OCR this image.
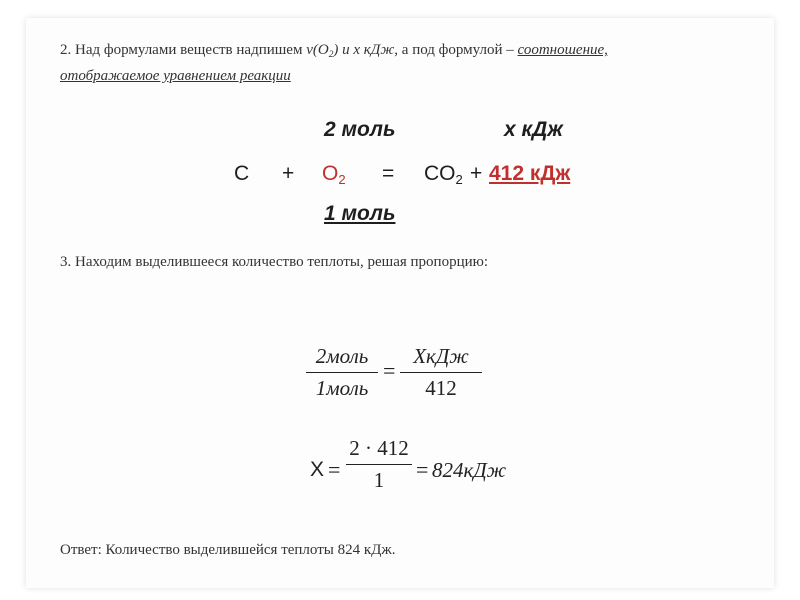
2. Над формулами веществ надпишем $\nu(O_2)$ и х кДж, а под формулой – соотношение,
отображаемое уравнением реакции
2 моль	х кДж
$C + O_2 = CO_2 + 412$ кДж
1 моль
3. Находим выделившееся количество теплоты, решая пропорцию:
2моль
1моль
=
XкДж
412
X =
2 · 412
1	= 824кДж
Ответ: Количество выделившейся теплоты 824 кДж.
